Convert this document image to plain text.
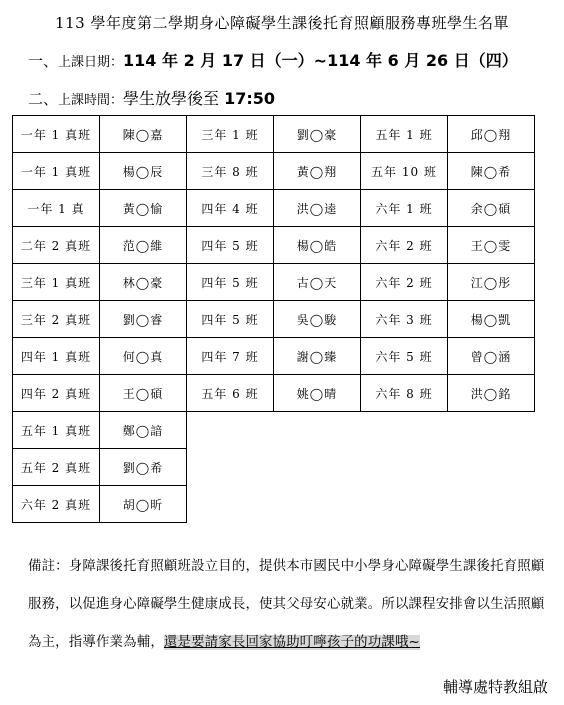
113 學年度第二學期身心障礙學生課後托育照顧服務專班學生名單
一、上課日期：114 年 2 月 17 日（一）~114 年 6 月 26 日（四）
二、上課時間：學生放學後至 17:50
一年 1 真班	陳◯嘉	三年 1 班	劉◯豪	五年 1 班	邱◯翔
一年 1 真班	楊◯辰	三年 8 班	黃◯翔	五年 10 班	陳◯希
一年 1 真	黃◯愉	四年 4 班	洪◯逵	六年 1 班	余◯碩
二年 2 真班	范◯維	四年 5 班	楊◯皓	六年 2 班	王◯雯
三年 1 真班	林◯豪	四年 5 班	古◯天	六年 2 班	江◯彤
三年 2 真班	劉◯睿	四年 5 班	吳◯駿	六年 3 班	楊◯凱
四年 1 真班	何◯真	四年 7 班	謝◯臻	六年 5 班	曾◯涵
四年 2 真班	王◯碩	五年 6 班	姚◯晴	六年 8 班	洪◯銘
五年 1 真班	鄭◯諳				
五年 2 真班	劉◯希				
六年 2 真班	胡◯昕				
備註：身障課後托育照顧班設立目的，提供本市國民中小學身心障礙學生課後托育照顧服務，以促進身心障礙學生健康成長，使其父母安心就業。所以課程安排會以生活照顧為主，指導作業為輔，還是要請家長回家協助叮嚀孩子的功課哦~
輔導處特教組啟
